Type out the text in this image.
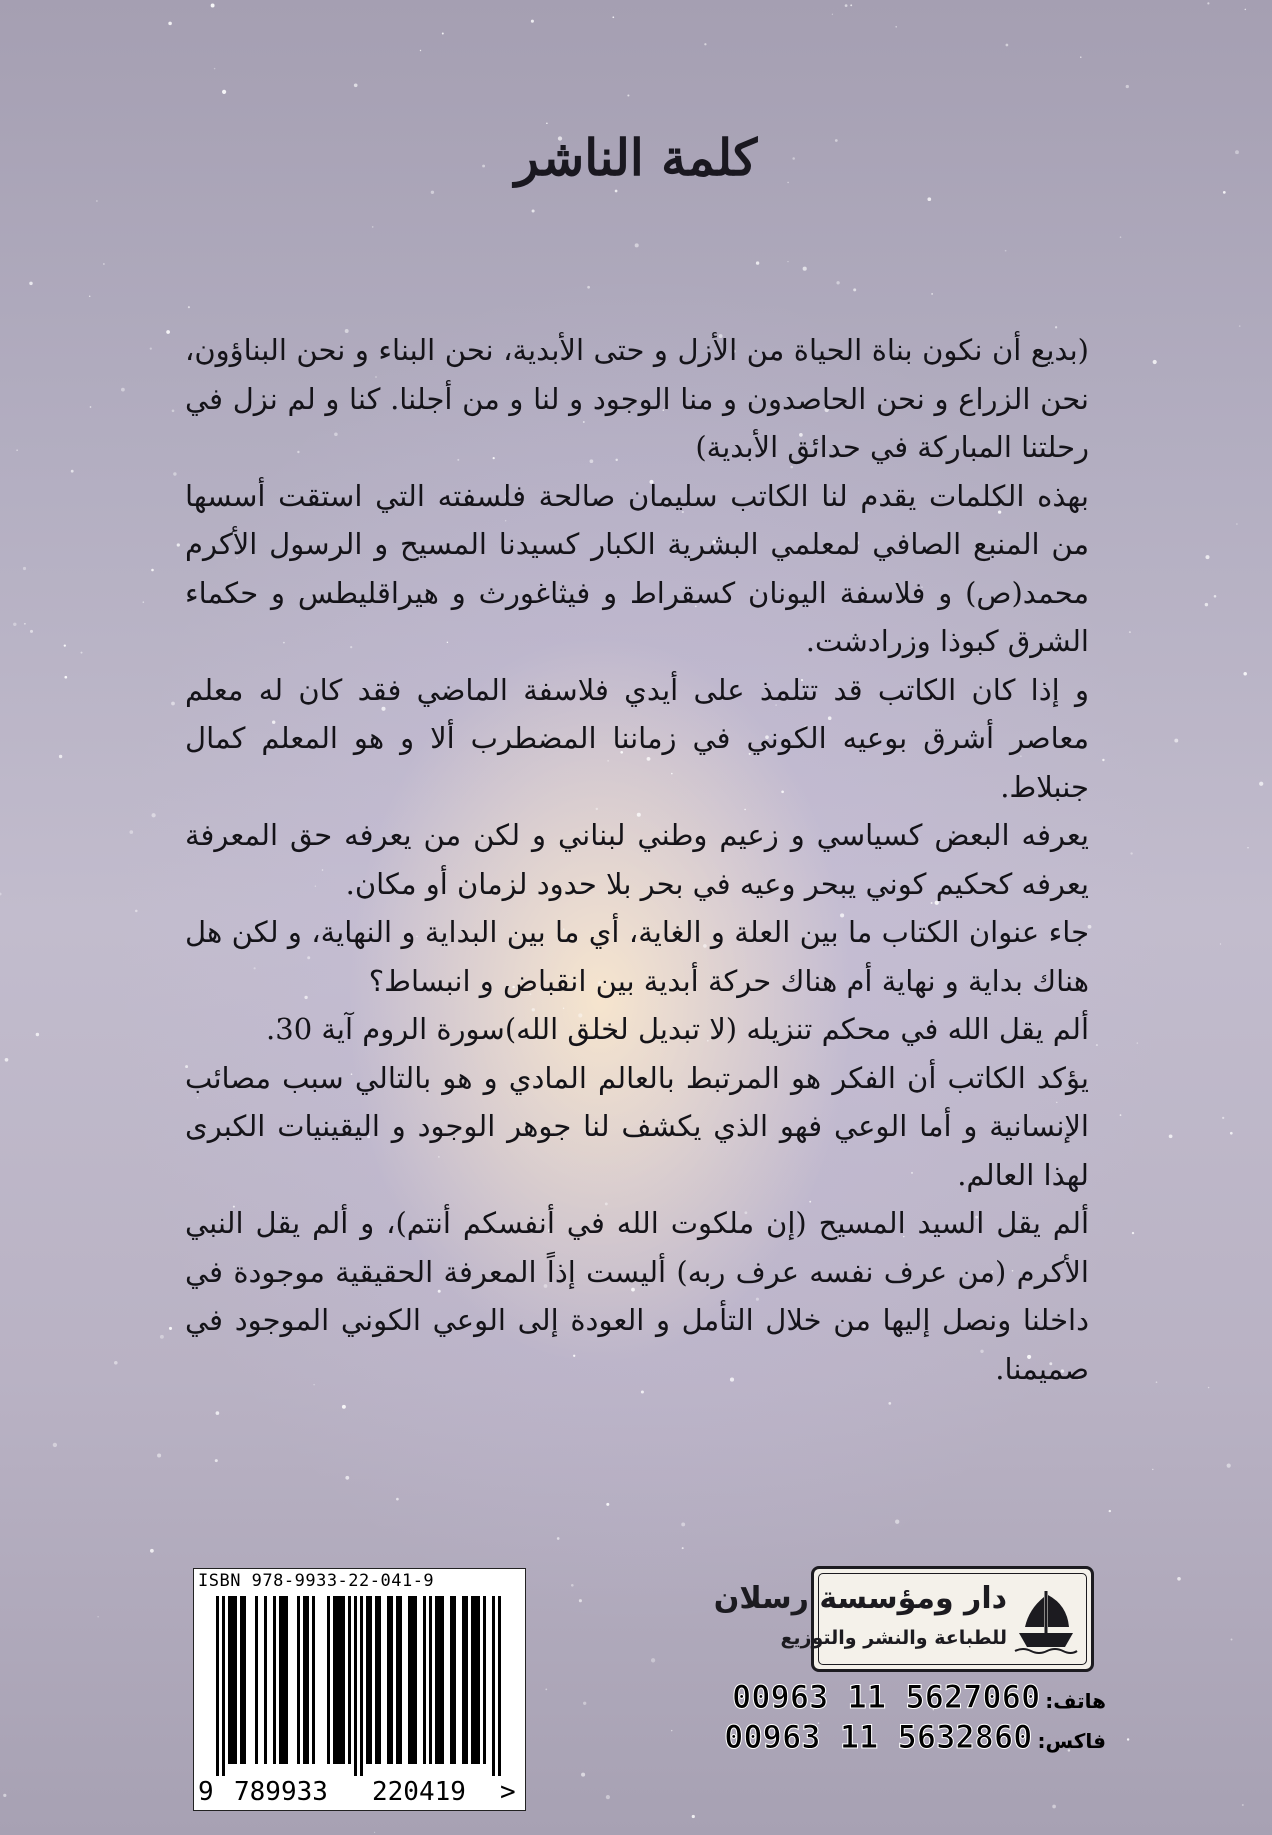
كلمة الناشر

(بديع أن نكون بناة الحياة من الأزل و حتى الأبدية، نحن البناء و نحن البناؤون، نحن الزراع و نحن الحاصدون و منا الوجود و لنا و من أجلنا. كنا و لم نزل في رحلتنا المباركة في حدائق الأبدية)

بهذه الكلمات يقدم لنا الكاتب سليمان صالحة فلسفته التي استقت أسسها من المنبع الصافي لمعلمي البشرية الكبار كسيدنا المسيح و الرسول الأكرم محمد(ص) و فلاسفة اليونان كسقراط و فيثاغورث و هيراقليطس و حكماء الشرق كبوذا وزرادشت.

و إذا كان الكاتب قد تتلمذ على أيدي فلاسفة الماضي فقد كان له معلم معاصر أشرق بوعيه الكوني في زماننا المضطرب ألا و هو المعلم كمال جنبلاط.

يعرفه البعض كسياسي و زعيم وطني لبناني و لكن من يعرفه حق المعرفة يعرفه كحكيم كوني يبحر وعيه في بحر بلا حدود لزمان أو مكان.

جاء عنوان الكتاب ما بين العلة و الغاية، أي ما بين البداية و النهاية، و لكن هل هناك بداية و نهاية أم هناك حركة أبدية بين انقباض و انبساط؟

ألم يقل الله في محكم تنزيله (لا تبديل لخلق الله)سورة الروم آية 30.

يؤكد الكاتب أن الفكر هو المرتبط بالعالم المادي و هو بالتالي سبب مصائب الإنسانية و أما الوعي فهو الذي يكشف لنا جوهر الوجود و اليقينيات الكبرى لهذا العالم.

ألم يقل السيد المسيح (إن ملكوت الله في أنفسكم أنتم)، و ألم يقل النبي الأكرم (من عرف نفسه عرف ربه) أليست إذاً المعرفة الحقيقية موجودة في داخلنا ونصل إليها من خلال التأمل و العودة إلى الوعي الكوني الموجود في صميمنا.

ISBN 978-9933-22-041-9
9 789933 220419 >
دار ومؤسسة رسلان
للطباعة والنشر والتوزيع
هاتف: 00963 11 5627060
فاكس: 00963 11 5632860
